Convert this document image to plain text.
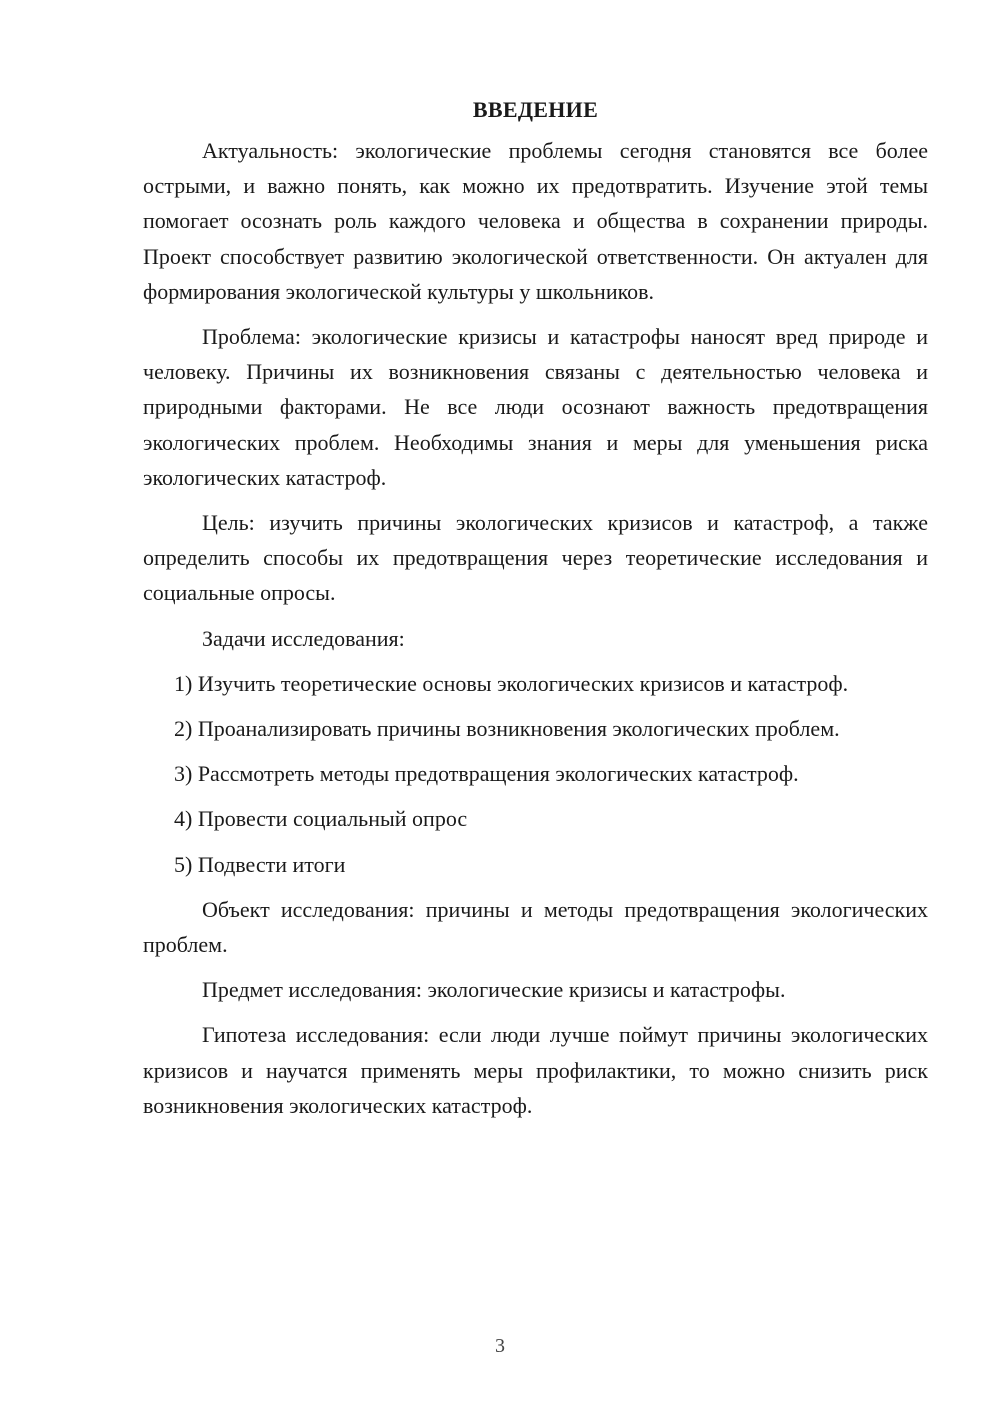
ВВЕДЕНИЕ

Актуальность: экологические проблемы сегодня становятся все более острыми, и важно понять, как можно их предотвратить. Изучение этой темы помогает осознать роль каждого человека и общества в сохранении природы. Проект способствует развитию экологической ответственности. Он актуален для формирования экологической культуры у школьников.

Проблема: экологические кризисы и катастрофы наносят вред природе и человеку. Причины их возникновения связаны с деятельностью человека и природными факторами. Не все люди осознают важность предотвращения экологических проблем. Необходимы знания и меры для уменьшения риска экологических катастроф.

Цель: изучить причины экологических кризисов и катастроф, а также определить способы их предотвращения через теоретические исследования и социальные опросы.

Задачи исследования:

1) Изучить теоретические основы экологических кризисов и катастроф.

2) Проанализировать причины возникновения экологических проблем.

3) Рассмотреть методы предотвращения экологических катастроф.

4) Провести социальный опрос

5) Подвести итоги

Объект исследования: причины и методы предотвращения экологических проблем.

Предмет исследования: экологические кризисы и катастрофы.

Гипотеза исследования: если люди лучше поймут причины экологических кризисов и научатся применять меры профилактики, то можно снизить риск возникновения экологических катастроф.

3
